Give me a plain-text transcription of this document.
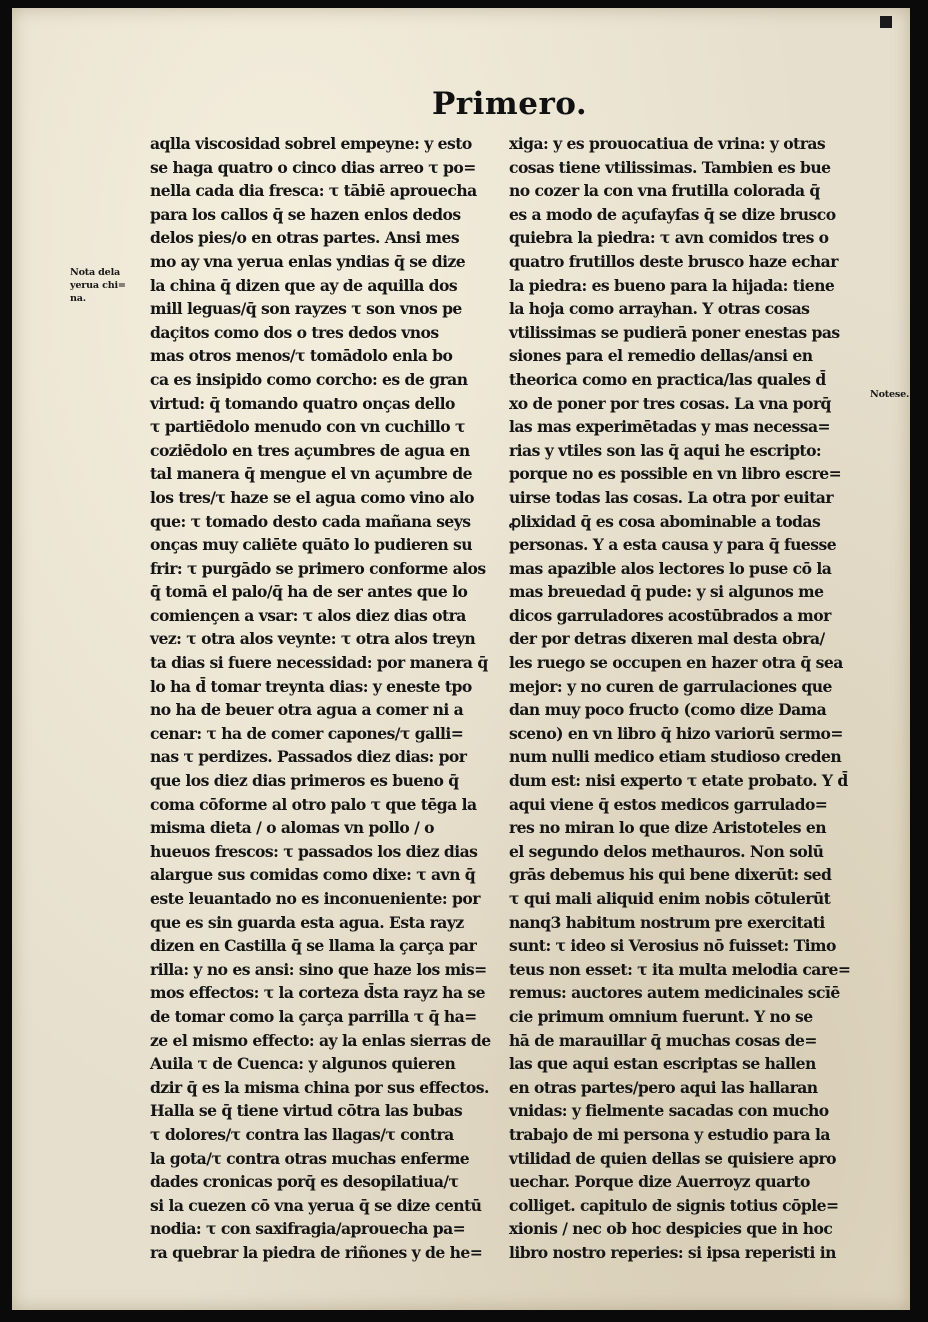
Primero.
Nota dela
yerua chi=
na.
Notese.
aqlla viscosidad sobrel empeyne: y esto
se haga quatro o cinco dias arreo τ po=
nella cada dia fresca: τ tābiē aprouecha
para los callos q̄ se hazen enlos dedos
delos pies/o en otras partes. Ansi mes
mo ay vna yerua enlas yndias q̄ se dize
la china q̄ dizen que ay de aquilla dos
mill leguas/q̄ son rayzes τ son vnos pe
daçitos como dos o tres dedos vnos
mas otros menos/τ tomādolo enla bo
ca es insipido como corcho: es de gran
virtud: q̄ tomando quatro onças dello
τ partiēdolo menudo con vn cuchillo τ
coziēdolo en tres açumbres de agua en
tal manera q̄ mengue el vn açumbre de
los tres/τ haze se el agua como vino alo
que: τ tomado desto cada mañana seys
onças muy caliēte quāto lo pudieren su
frir: τ purgādo se primero conforme alos
q̄ tomā el palo/q̄ ha de ser antes que lo
comiençen a vsar: τ alos diez dias otra
vez: τ otra alos veynte: τ otra alos treyn
ta dias si fuere necessidad: por manera q̄
lo ha d̄ tomar treynta dias: y eneste tpo
no ha de beuer otra agua a comer ni a
cenar: τ ha de comer capones/τ galli=
nas τ perdizes. Passados diez dias: por
que los diez dias primeros es bueno q̄
coma cōforme al otro palo τ que tēga la
misma dieta / o alomas vn pollo / o
hueuos frescos: τ passados los diez dias
alargue sus comidas como dixe: τ avn q̄
este leuantado no es inconueniente: por
que es sin guarda esta agua. Esta rayz
dizen en Castilla q̄ se llama la çarça par
rilla: y no es ansi: sino que haze los mis=
mos effectos: τ la corteza d̄sta rayz ha se
de tomar como la çarça parrilla τ q̄ ha=
ze el mismo effecto: ay la enlas sierras de
Auila τ de Cuenca: y algunos quieren
dzir q̄ es la misma china por sus effectos.
Halla se q̄ tiene virtud cōtra las bubas
τ dolores/τ contra las llagas/τ contra
la gota/τ contra otras muchas enferme
dades cronicas porq̄ es desopilatiua/τ
si la cuezen cō vna yerua q̄ se dize centū
nodia: τ con saxifragia/aprouecha pa=
ra quebrar la piedra de riñones y de he=
xiga: y es prouocatiua de vrina: y otras
cosas tiene vtilissimas. Tambien es bue
no cozer la con vna frutilla colorada q̄
es a modo de açufayfas q̄ se dize brusco
quiebra la piedra: τ avn comidos tres o
quatro frutillos deste brusco haze echar
la piedra: es bueno para la hijada: tiene
la hoja como arrayhan. Y otras cosas
vtilissimas se pudierā poner enestas pas
siones para el remedio dellas/ansi en
theorica como en practica/las quales d̄
xo de poner por tres cosas. La vna porq̄
las mas experimētadas y mas necessa=
rias y vtiles son las q̄ aqui he escripto:
porque no es possible en vn libro escre=
uirse todas las cosas. La otra por euitar
ꝓlixidad q̄ es cosa abominable a todas
personas. Y a esta causa y para q̄ fuesse
mas apazible alos lectores lo puse cō la
mas breuedad q̄ pude: y si algunos me
dicos garruladores acostūbrados a mor
der por detras dixeren mal desta obra/
les ruego se occupen en hazer otra q̄ sea
mejor: y no curen de garrulaciones que
dan muy poco fructo (como dize Dama
sceno) en vn libro q̄ hizo variorū sermo=
num nulli medico etiam studioso creden
dum est: nisi experto τ etate probato. Y d̄
aqui viene q̄ estos medicos garrulado=
res no miran lo que dize Aristoteles en
el segundo delos methauros. Non solū
grās debemus his qui bene dixerūt: sed
τ qui mali aliquid enim nobis cōtulerūt
nanq3 habitum nostrum pre exercitati
sunt: τ ideo si Verosius nō fuisset: Timo
teus non esset: τ ita multa melodia care=
remus: auctores autem medicinales scīē
cie primum omnium fuerunt. Y no se
hā de marauillar q̄ muchas cosas de=
las que aqui estan escriptas se hallen
en otras partes/pero aqui las hallaran
vnidas: y fielmente sacadas con mucho
trabajo de mi persona y estudio para la
vtilidad de quien dellas se quisiere apro
uechar. Porque dize Auerroyz quarto
colliget. capitulo de signis totius cōple=
xionis / nec ob hoc despicies que in hoc
libro nostro reperies: si ipsa reperisti in
